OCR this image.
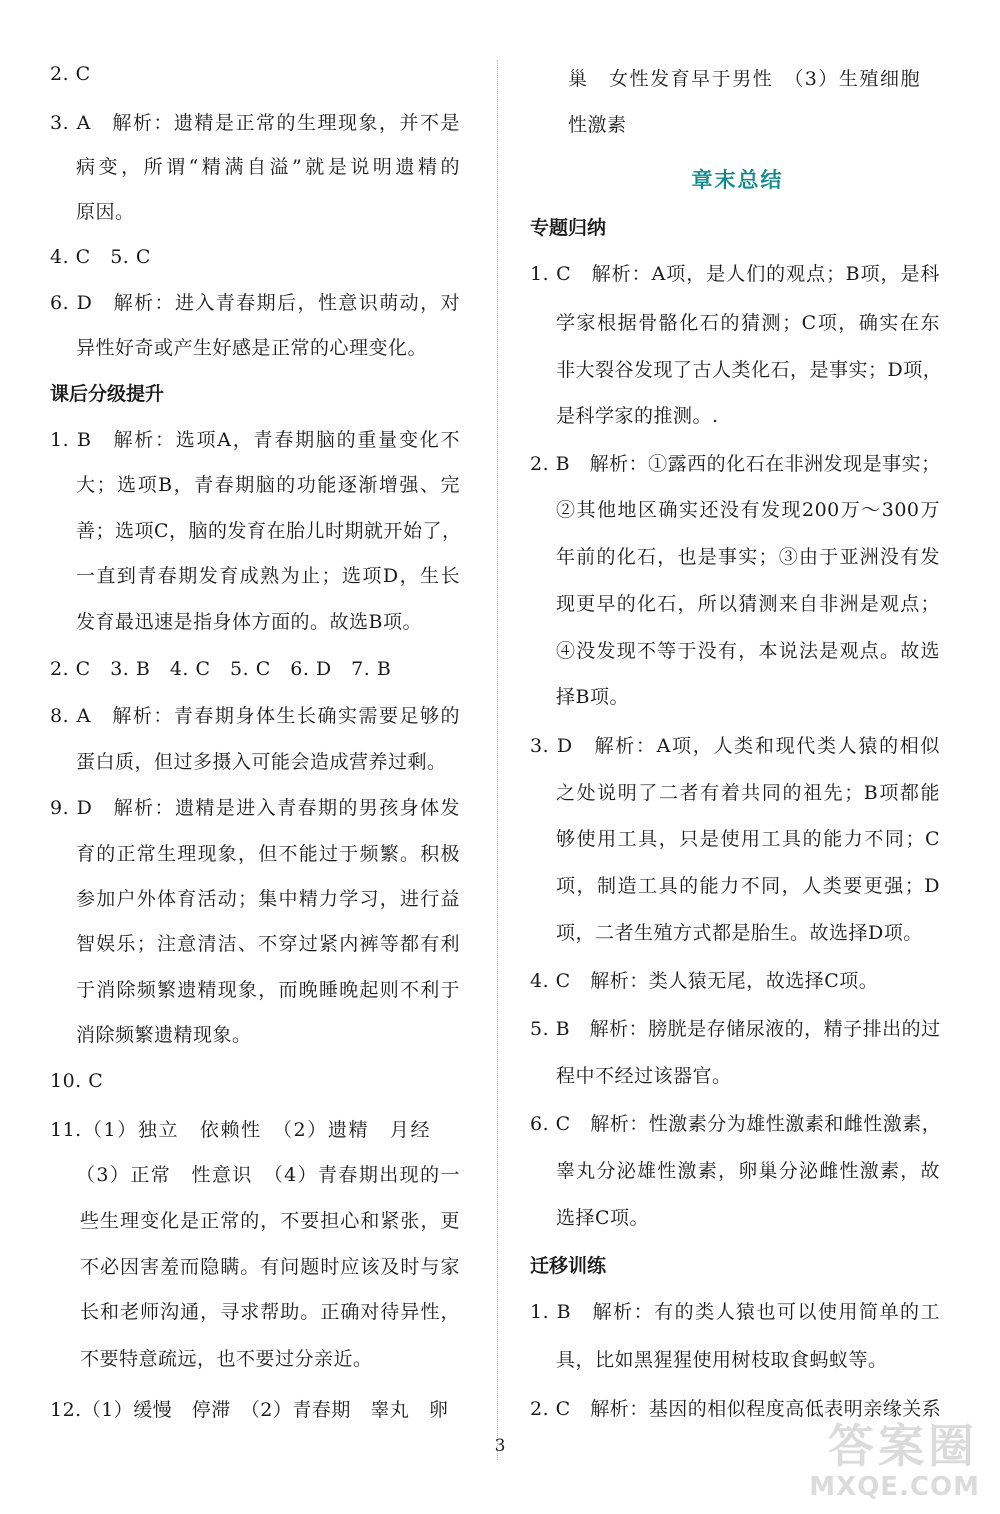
2. C
3. A　解析：遗精是正常的生理现象，并不是
病变，所谓“精满自溢”就是说明遗精的
原因。
4. C　5. C
6. D　解析：进入青春期后，性意识萌动，对
异性好奇或产生好感是正常的心理变化。
课后分级提升
1. B　解析：选项A，青春期脑的重量变化不
大；选项B，青春期脑的功能逐渐增强、完
善；选项C，脑的发育在胎儿时期就开始了，
一直到青春期发育成熟为止；选项D，生长
发育最迅速是指身体方面的。故选B项。
2. C　3. B　4. C　5. C　6. D　7. B
8. A　解析：青春期身体生长确实需要足够的
蛋白质，但过多摄入可能会造成营养过剩。
9. D　解析：遗精是进入青春期的男孩身体发
育的正常生理现象，但不能过于频繁。积极
参加户外体育活动；集中精力学习，进行益
智娱乐；注意清洁、不穿过紧内裤等都有利
于消除频繁遗精现象，而晚睡晚起则不利于
消除频繁遗精现象。
10. C
11.（1）独立　依赖性　（2）遗精　月经
（3）正常　性意识　（4）青春期出现的一
些生理变化是正常的，不要担心和紧张，更
不必因害羞而隐瞒。有问题时应该及时与家
长和老师沟通，寻求帮助。正确对待异性，
不要特意疏远，也不要过分亲近。
12.（1）缓慢　停滞　（2）青春期　睾丸　卵
巢　女性发育早于男性　（3）生殖细胞
性激素
章末总结
专题归纳
1. C　解析：A项，是人们的观点；B项，是科
学家根据骨骼化石的猜测；C项，确实在东
非大裂谷发现了古人类化石，是事实；D项，
是科学家的推测。.
2. B　解析：①露西的化石在非洲发现是事实；
②其他地区确实还没有发现200万～300万
年前的化石，也是事实；③由于亚洲没有发
现更早的化石，所以猜测来自非洲是观点；
④没发现不等于没有，本说法是观点。故选
择B项。
3. D　解析：A项，人类和现代类人猿的相似
之处说明了二者有着共同的祖先；B项都能
够使用工具，只是使用工具的能力不同；C
项，制造工具的能力不同，人类要更强；D
项，二者生殖方式都是胎生。故选择D项。
4. C　解析：类人猿无尾，故选择C项。
5. B　解析：膀胱是存储尿液的，精子排出的过
程中不经过该器官。
6. C　解析：性激素分为雄性激素和雌性激素，
睾丸分泌雄性激素，卵巢分泌雌性激素，故
选择C项。
迁移训练
1. B　解析：有的类人猿也可以使用简单的工
具，比如黑猩猩使用树枝取食蚂蚁等。
2. C　解析：基因的相似程度高低表明亲缘关系
3	答案圈
MXQE.COM
